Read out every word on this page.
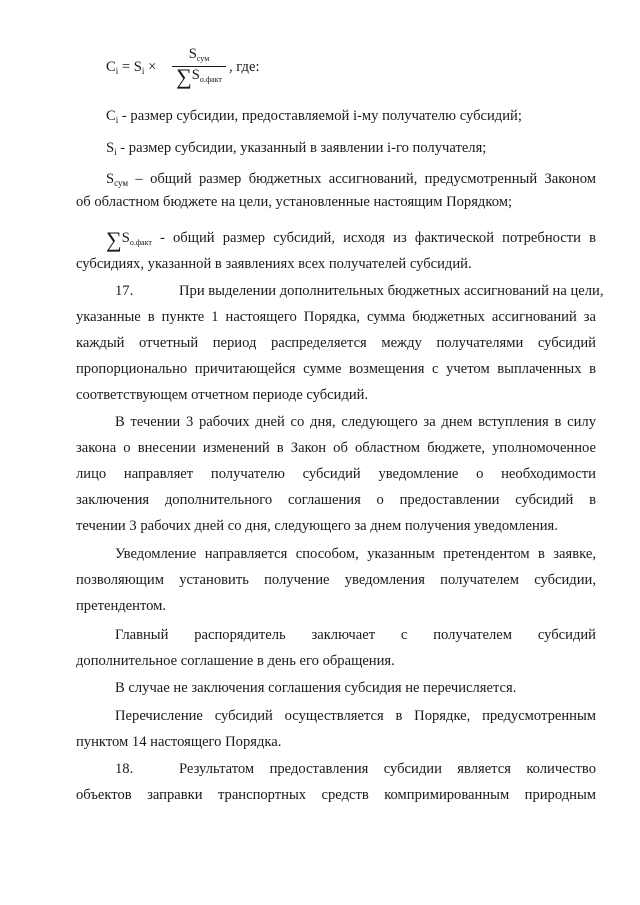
$C_i = S_i$ ×
$S_{сум}$
$\sum S_{о.факт}$
, где:
$C_i$ - размер субсидии, предоставляемой i-му получателю субсидий;
$S_i$ - размер субсидии, указанный в заявлении i-го получателя;
$S_{сум}$ – общий размер бюджетных ассигнований, предусмотренный Законом
об областном бюджете на цели, установленные настоящим Порядком;
$\sum S_{о.факт}$ - общий размер субсидий, исходя из фактической потребности в
субсидиях, указанной в заявлениях всех получателей субсидий.
17.	При выделении дополнительных бюджетных ассигнований на цели,
указанные в пункте 1 настоящего Порядка, сумма бюджетных ассигнований за
каждый отчетный период распределяется между получателями субсидий
пропорционально причитающейся сумме возмещения с учетом выплаченных в
соответствующем отчетном периоде субсидий.
В течении 3 рабочих дней со дня, следующего за днем вступления в силу
закона о внесении изменений в Закон об областном бюджете, уполномоченное
лицо направляет получателю субсидий уведомление о необходимости
заключения дополнительного соглашения о предоставлении субсидий в
течении 3 рабочих дней со дня, следующего за днем получения уведомления.
Уведомление направляется способом, указанным претендентом в заявке,
позволяющим установить получение уведомления получателем субсидии,
претендентом.
Главный распорядитель заключает с получателем субсидий
дополнительное соглашение в день его обращения.
В случае не заключения соглашения субсидия не перечисляется.
Перечисление субсидий осуществляется в Порядке, предусмотренным
пунктом 14 настоящего Порядка.
18.	Результатом предоставления субсидии является количество
объектов заправки транспортных средств компримированным природным
